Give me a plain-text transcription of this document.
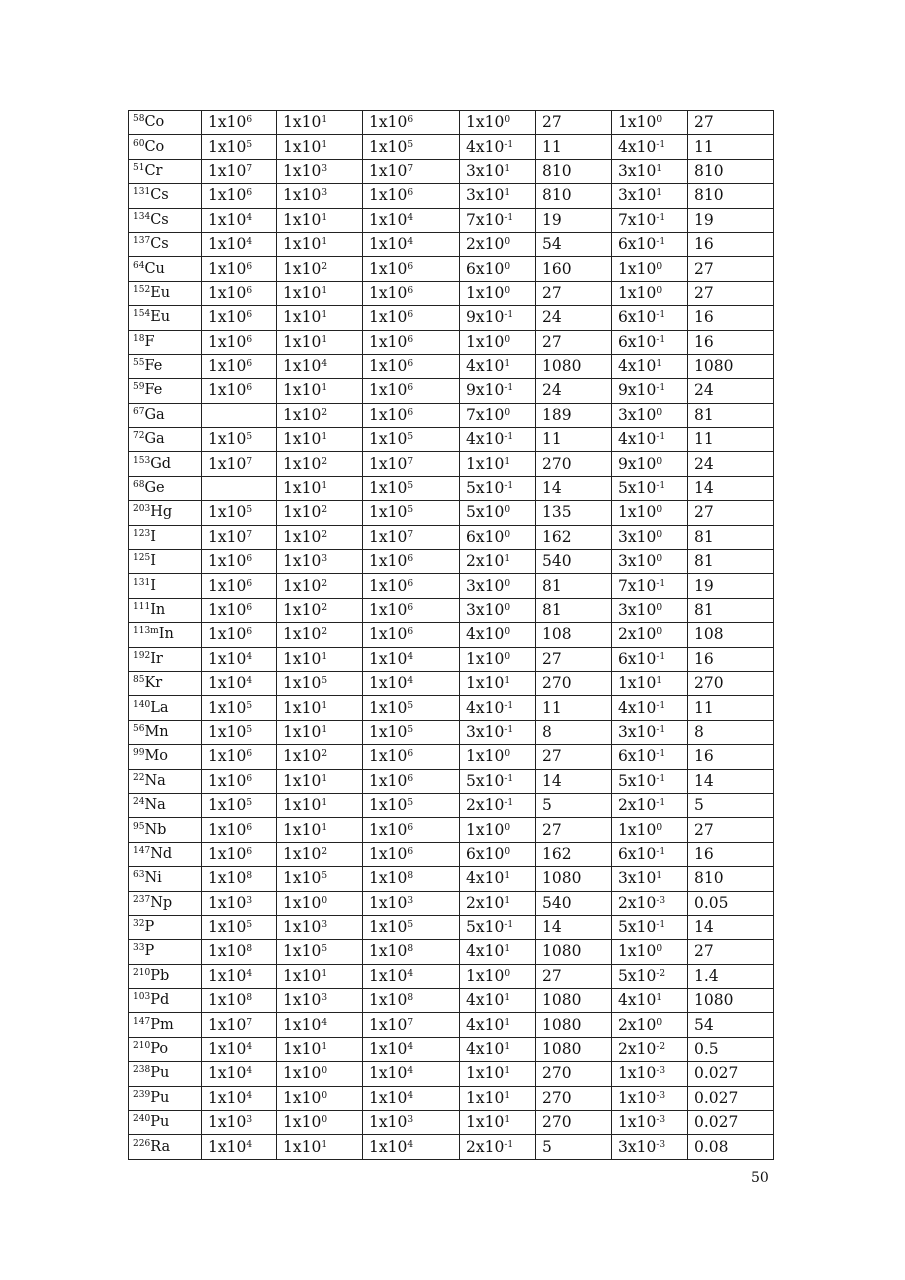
$^{58}$Co	$1x10^6$	$1x10^1$	$1x10^6$	$1x10^0$	27	$1x10^0$	27
$^{60}$Co	$1x10^5$	$1x10^1$	$1x10^5$	$4x10^{-1}$	11	$4x10^{-1}$	11
$^{51}$Cr	$1x10^7$	$1x10^3$	$1x10^7$	$3x10^1$	810	$3x10^1$	810
$^{131}$Cs	$1x10^6$	$1x10^3$	$1x10^6$	$3x10^1$	810	$3x10^1$	810
$^{134}$Cs	$1x10^4$	$1x10^1$	$1x10^4$	$7x10^{-1}$	19	$7x10^{-1}$	19
$^{137}$Cs	$1x10^4$	$1x10^1$	$1x10^4$	$2x10^0$	54	$6x10^{-1}$	16
$^{64}$Cu	$1x10^6$	$1x10^2$	$1x10^6$	$6x10^0$	160	$1x10^0$	27
$^{152}$Eu	$1x10^6$	$1x10^1$	$1x10^6$	$1x10^0$	27	$1x10^0$	27
$^{154}$Eu	$1x10^6$	$1x10^1$	$1x10^6$	$9x10^{-1}$	24	$6x10^{-1}$	16
$^{18}$F	$1x10^6$	$1x10^1$	$1x10^6$	$1x10^0$	27	$6x10^{-1}$	16
$^{55}$Fe	$1x10^6$	$1x10^4$	$1x10^6$	$4x10^1$	1080	$4x10^1$	1080
$^{59}$Fe	$1x10^6$	$1x10^1$	$1x10^6$	$9x10^{-1}$	24	$9x10^{-1}$	24
$^{67}$Ga		$1x10^2$	$1x10^6$	$7x10^0$	189	$3x10^0$	81
$^{72}$Ga	$1x10^5$	$1x10^1$	$1x10^5$	$4x10^{-1}$	11	$4x10^{-1}$	11
$^{153}$Gd	$1x10^7$	$1x10^2$	$1x10^7$	$1x10^1$	270	$9x10^0$	24
$^{68}$Ge		$1x10^1$	$1x10^5$	$5x10^{-1}$	14	$5x10^{-1}$	14
$^{203}$Hg	$1x10^5$	$1x10^2$	$1x10^5$	$5x10^0$	135	$1x10^0$	27
$^{123}$I	$1x10^7$	$1x10^2$	$1x10^7$	$6x10^0$	162	$3x10^0$	81
$^{125}$I	$1x10^6$	$1x10^3$	$1x10^6$	$2x10^1$	540	$3x10^0$	81
$^{131}$I	$1x10^6$	$1x10^2$	$1x10^6$	$3x10^0$	81	$7x10^{-1}$	19
$^{111}$In	$1x10^6$	$1x10^2$	$1x10^6$	$3x10^0$	81	$3x10^0$	81
$^{113m}$In	$1x10^6$	$1x10^2$	$1x10^6$	$4x10^0$	108	$2x10^0$	108
$^{192}$Ir	$1x10^4$	$1x10^1$	$1x10^4$	$1x10^0$	27	$6x10^{-1}$	16
$^{85}$Kr	$1x10^4$	$1x10^5$	$1x10^4$	$1x10^1$	270	$1x10^1$	270
$^{140}$La	$1x10^5$	$1x10^1$	$1x10^5$	$4x10^{-1}$	11	$4x10^{-1}$	11
$^{56}$Mn	$1x10^5$	$1x10^1$	$1x10^5$	$3x10^{-1}$	8	$3x10^{-1}$	8
$^{99}$Mo	$1x10^6$	$1x10^2$	$1x10^6$	$1x10^0$	27	$6x10^{-1}$	16
$^{22}$Na	$1x10^6$	$1x10^1$	$1x10^6$	$5x10^{-1}$	14	$5x10^{-1}$	14
$^{24}$Na	$1x10^5$	$1x10^1$	$1x10^5$	$2x10^{-1}$	5	$2x10^{-1}$	5
$^{95}$Nb	$1x10^6$	$1x10^1$	$1x10^6$	$1x10^0$	27	$1x10^0$	27
$^{147}$Nd	$1x10^6$	$1x10^2$	$1x10^6$	$6x10^0$	162	$6x10^{-1}$	16
$^{63}$Ni	$1x10^8$	$1x10^5$	$1x10^8$	$4x10^1$	1080	$3x10^1$	810
$^{237}$Np	$1x10^3$	$1x10^0$	$1x10^3$	$2x10^1$	540	$2x10^{-3}$	0.05
$^{32}$P	$1x10^5$	$1x10^3$	$1x10^5$	$5x10^{-1}$	14	$5x10^{-1}$	14
$^{33}$P	$1x10^8$	$1x10^5$	$1x10^8$	$4x10^1$	1080	$1x10^0$	27
$^{210}$Pb	$1x10^4$	$1x10^1$	$1x10^4$	$1x10^0$	27	$5x10^{-2}$	1.4
$^{103}$Pd	$1x10^8$	$1x10^3$	$1x10^8$	$4x10^1$	1080	$4x10^1$	1080
$^{147}$Pm	$1x10^7$	$1x10^4$	$1x10^7$	$4x10^1$	1080	$2x10^0$	54
$^{210}$Po	$1x10^4$	$1x10^1$	$1x10^4$	$4x10^1$	1080	$2x10^{-2}$	0.5
$^{238}$Pu	$1x10^4$	$1x10^0$	$1x10^4$	$1x10^1$	270	$1x10^{-3}$	0.027
$^{239}$Pu	$1x10^4$	$1x10^0$	$1x10^4$	$1x10^1$	270	$1x10^{-3}$	0.027
$^{240}$Pu	$1x10^3$	$1x10^0$	$1x10^3$	$1x10^1$	270	$1x10^{-3}$	0.027
$^{226}$Ra	$1x10^4$	$1x10^1$	$1x10^4$	$2x10^{-1}$	5	$3x10^{-3}$	0.08
50
